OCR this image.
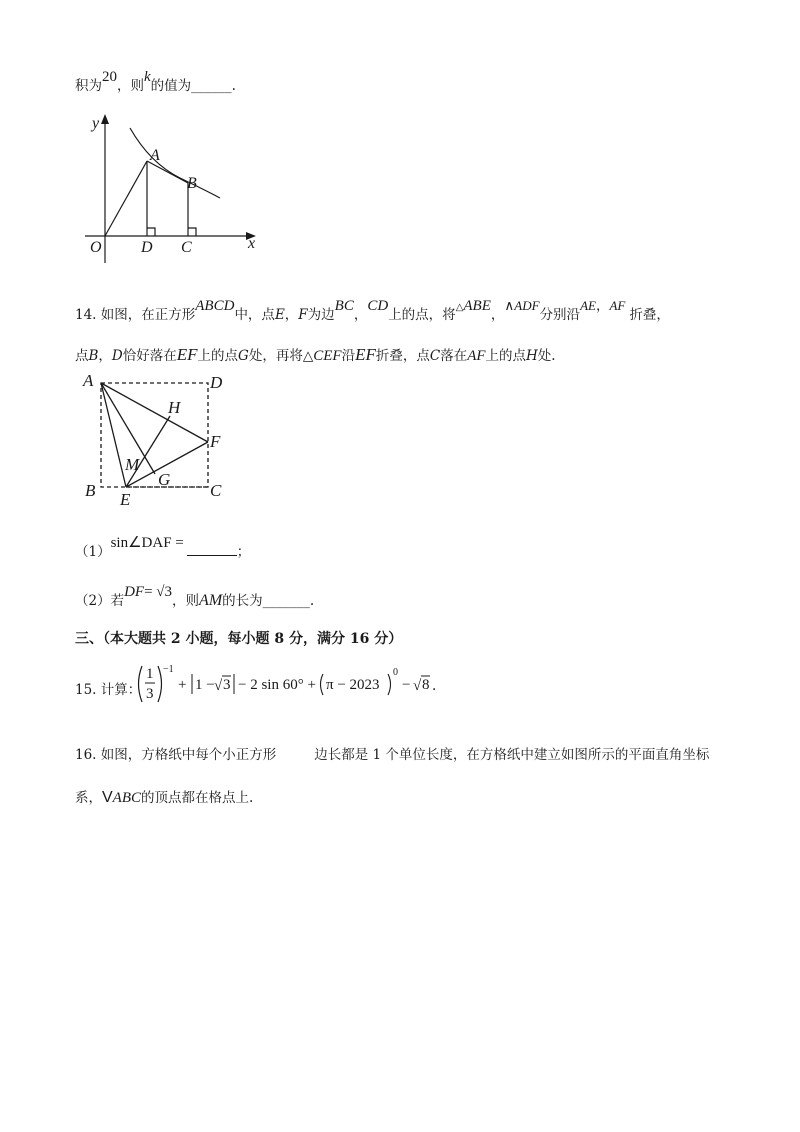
积为20，则k的值为______.
y
x
O
A
B
D C
14. 如图，在正方形ABCD中，点E，F为边BC，CD上的点，将△ABE，∧ADF分别沿AE，AF折叠，
点B，D恰好落在EF上的点G处，再将△CEF沿EF折叠，点C落在AF上的点H处.
A	D
H
F
M
G
B E	C
（1）sin∠DAF =；
（2）若DF= √3，则AM的长为_______.
三、（本大题共 2 小题，每小题 8 分，满分 16 分）
15. 计算：
1
3
−1
+ 1 − √ 3 − 2 sin 60° + π − 2023
0
− √ 8 .
16. 如图，方格纸中每个小正方形	边长都是 1 个单位长度，在方格纸中建立如图所示的平面直角坐标
系，VABC的顶点都在格点上.
